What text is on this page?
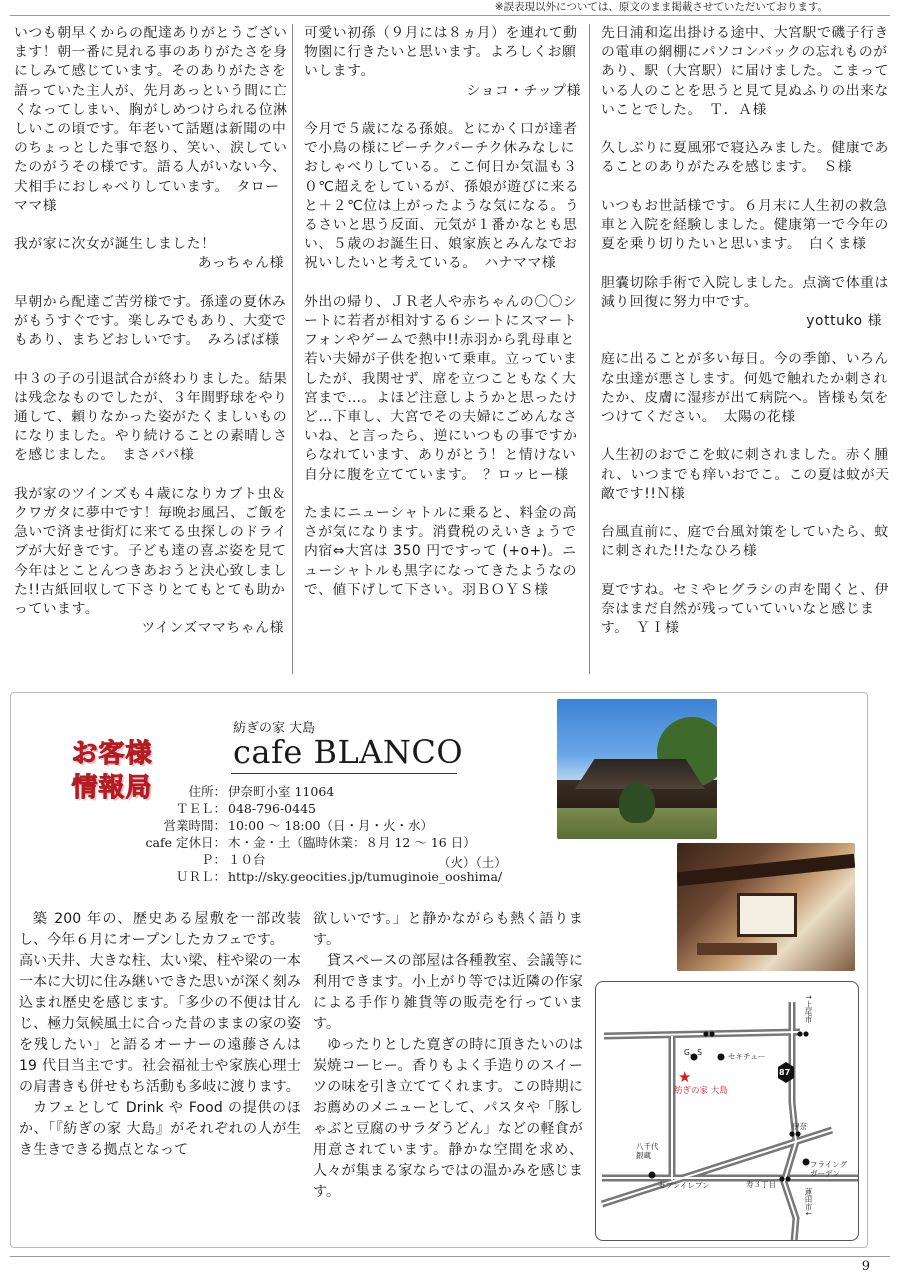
※誤表現以外については、原文のまま掲載させていただいております。

いつも朝早くからの配達ありがとうございます！朝一番に見れる事のありがたさを身にしみて感じています。そのありがたさを語っていた主人が、先月あっという間に亡くなってしまい、胸がしめつけられる位淋しいこの頃です。年老いて話題は新聞の中のちょっとした事で怒り、笑い、涙していたのがうその様です。語る人がいない今、犬相手におしゃべりしています。　タローママ様

我が家に次女が誕生しました！
あっちゃん様

早朝から配達ご苦労様です。孫達の夏休みがもうすぐです。楽しみでもあり、大変でもあり、まちどおしいです。　みろばば様

中３の子の引退試合が終わりました。結果は残念なものでしたが、３年間野球をやり通して、頼りなかった姿がたくましいものになりました。やり続けることの素晴しさを感じました。　まさパパ様

我が家のツインズも４歳になりカブト虫＆クワガタに夢中です！毎晩お風呂、ご飯を急いで済ませ街灯に来てる虫探しのドライブが大好きです。子ども達の喜ぶ姿を見て今年はとことんつきあおうと決心致しました!!古紙回収して下さりとてもとても助かっています。
ツインズママちゃん様

可愛い初孫（９月には８ヵ月）を連れて動物園に行きたいと思います。よろしくお願いします。
ショコ・チップ様

今月で５歳になる孫娘。とにかく口が達者で小鳥の様にピーチクパーチク休みなしにおしゃべりしている。ここ何日か気温も３０℃超えをしているが、孫娘が遊びに来ると＋２℃位は上がったような気になる。うるさいと思う反面、元気が１番かなとも思い、５歳のお誕生日、娘家族とみんなでお祝いしたいと考えている。　ハナママ様

外出の帰り、ＪＲ老人や赤ちゃんの〇〇シートに若者が相対する６シートにスマートフォンやゲームで熱中!!赤羽から乳母車と若い夫婦が子供を抱いて乗車。立っていましたが、我関せず、席を立つこともなく大宮まで…。よほど注意しようかと思ったけど…下車し、大宮でその夫婦にごめんなさいね、と言ったら、逆にいつもの事ですからなれています、ありがとう！と情けない自分に腹を立てています。　？ロッヒー様

たまにニューシャトルに乗ると、料金の高さが気になります。消費税のえいきょうで内宿⇔大宮は 350 円ですって (+o+)。ニューシャトルも黒字になってきたようなので、値下げして下さい。羽ＢＯＹＳ様

先日浦和迄出掛ける途中、大宮駅で磯子行きの電車の網棚にパソコンバックの忘れものがあり、駅（大宮駅）に届けました。こまっている人のことを思うと見て見ぬふりの出来ないことでした。　Ｔ．Ａ様

久しぶりに夏風邪で寝込みました。健康であることのありがたみを感じます。　Ｓ様

いつもお世話様です。６月末に人生初の救急車と入院を経験しました。健康第一で今年の夏を乗り切りたいと思います。　白くま様

胆嚢切除手術で入院しました。点滴で体重は減り回復に努力中です。
yottuko 様

庭に出ることが多い毎日。今の季節、いろんな虫達が悪さします。何処で触れたか刺されたか、皮膚に湿疹が出て病院へ。皆様も気をつけてください。　太陽の花様

人生初のおでこを蚊に刺されました。赤く腫れ、いつまでも痒いおでこ。この夏は蚊が天敵です!!Ｎ様

台風直前に、庭で台風対策をしていたら、蚊に刺された!!たなひろ様

夏ですね。セミやヒグラシの声を聞くと、伊奈はまだ自然が残っていていいなと感じます。　ＹＩ様

お客様
情報局
紡ぎの家 大島
cafe BLANCO
住所： 伊奈町小室 11064
ＴＥＬ： 048-796-0445
営業時間： 10:00 〜 18:00（日・月・火・水）
cafe 定休日： 木・金・土（臨時休業：８月 12 〜 16 日）
Ｐ： １０台
ＵＲＬ： http://sky.geocities.jp/tumuginoie_ooshima/
（火）（土）

築 200 年の、歴史ある屋敷を一部改装し、今年６月にオープンしたカフェです。

高い天井、大きな柱、太い梁、柱や梁の一本一本に大切に住み継いできた思いが深く刻み込まれ歴史を感じます。「多少の不便は甘んじ、極力気候風土に合った昔のままの家の姿を残したい」と語るオーナーの遠藤さんは 19 代目当主です。社会福祉士や家族心理士の肩書きも併せもち活動も多岐に渡ります。

カフェとして Drink や Food の提供のほか、「『紡ぎの家 大島』がそれぞれの人が生き生きできる拠点となって

欲しいです。」と静かながらも熱く語ります。

貸スペースの部屋は各種教室、会議等に利用できます。小上がり等では近隣の作家による手作り雑貨等の販売を行っています。

ゆったりとした寛ぎの時に頂きたいのは炭焼コーヒー。香りもよく手造りのスイーツの味を引き立ててくれます。この時期にお薦めのメニューとして、パスタや「豚しゃぶと豆腐のサラダうどん」などの軽食が用意されています。静かな空間を求め、人々が集まる家ならではの温かみを感じます。

↑上尾市
G．S	セキチュー
87
★
紡ぎの家 大島
伊奈
八千代 銀蔵
セブンイレブン	寿３丁目
フライング ガーデン
蓮田市↓
9
